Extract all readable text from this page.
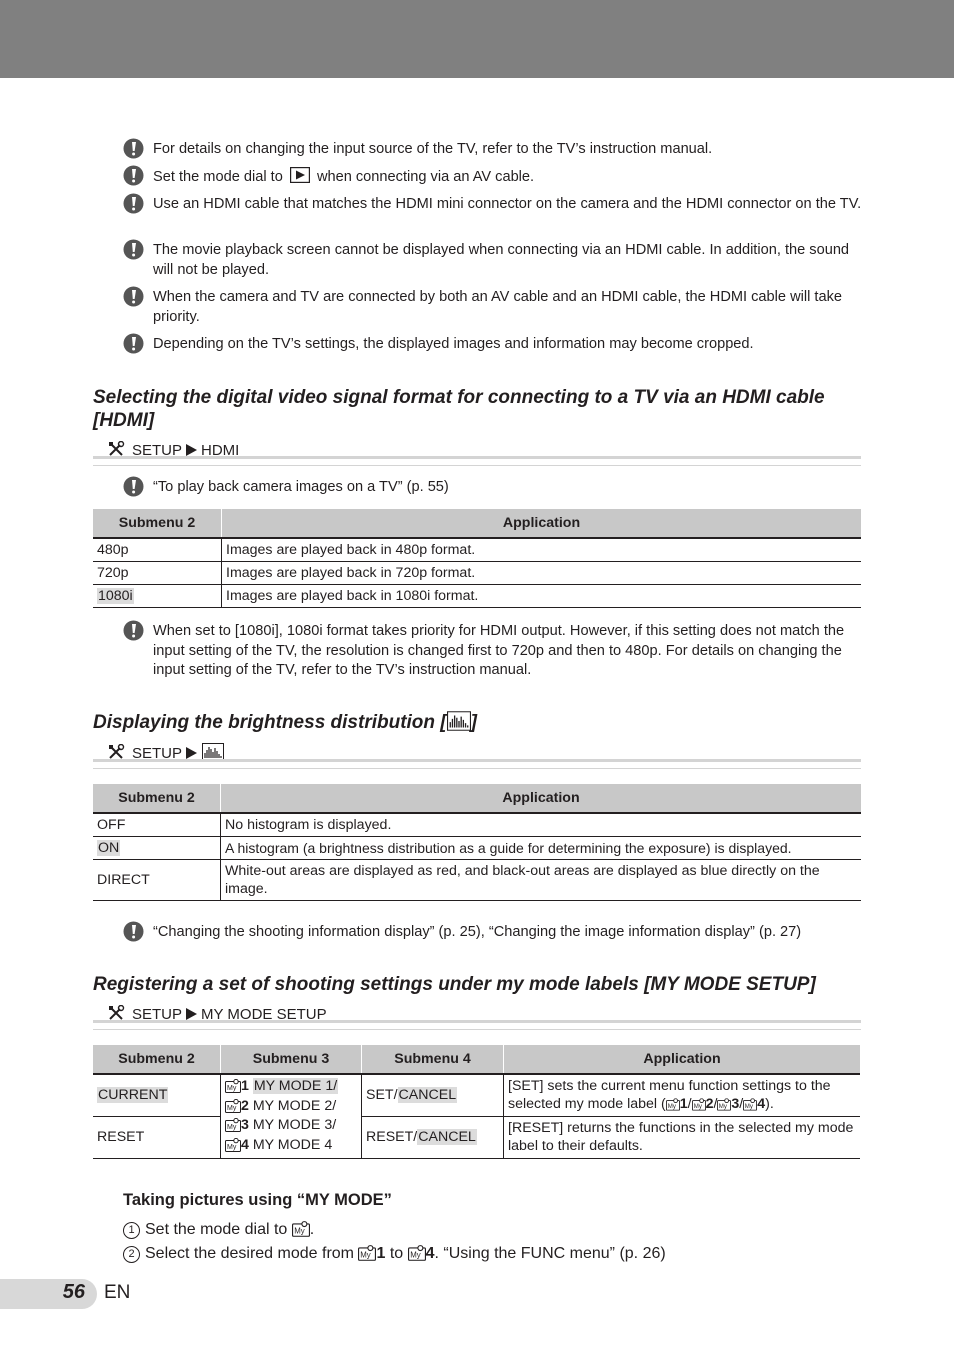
For details on changing the input source of the TV, refer to the TV’s instruction manual.
Set the mode dial to when connecting via an AV cable.
Use an HDMI cable that matches the HDMI mini connector on the camera and the HDMI connector on the TV.
The movie playback screen cannot be displayed when connecting via an HDMI cable. In addition, the sound will not be played.
When the camera and TV are connected by both an AV cable and an HDMI cable, the HDMI cable will take priority.
Depending on the TV’s settings, the displayed images and information may become cropped.
Selecting the digital video signal format for connecting to a TV via an HDMI cable [HDMI]
SETUP HDMI
“To play back camera images on a TV” (p. 55)
Submenu 2	Application
480p	Images are played back in 480p format.
720p	Images are played back in 720p format.
1080i	Images are played back in 1080i format.
When set to [1080i], 1080i format takes priority for HDMI output. However, if this setting does not match the input setting of the TV, the resolution is changed first to 720p and then to 480p. For details on changing the input setting of the TV, refer to the TV’s instruction manual.
Displaying the brightness distribution [ ]
SETUP
Submenu 2	Application
OFF	No histogram is displayed.
ON	A histogram (a brightness distribution as a guide for determining the exposure) is displayed.
DIRECT	White-out areas are displayed as red, and black-out areas are displayed as blue directly on the image.
“Changing the shooting information display” (p. 25), “Changing the image information display” (p. 27)
Registering a set of shooting settings under my mode labels [MY MODE SETUP]
SETUP MY MODE SETUP
Submenu 2	Submenu 3	Submenu 4	Application
CURRENT	1 MY MODE 1/
2 MY MODE 2/
3 MY MODE 3/
4 MY MODE 4	SET/CANCEL	[SET] sets the current menu function settings to the selected my mode label ( 1/ 2/ 3/ 4).
RESET		RESET/CANCEL	[RESET] returns the functions in the selected my mode label to their defaults.
Taking pictures using “MY MODE”
1 Set the mode dial to .
2 Select the desired mode from 1 to 4. “Using the FUNC menu” (p. 26)
56 EN
